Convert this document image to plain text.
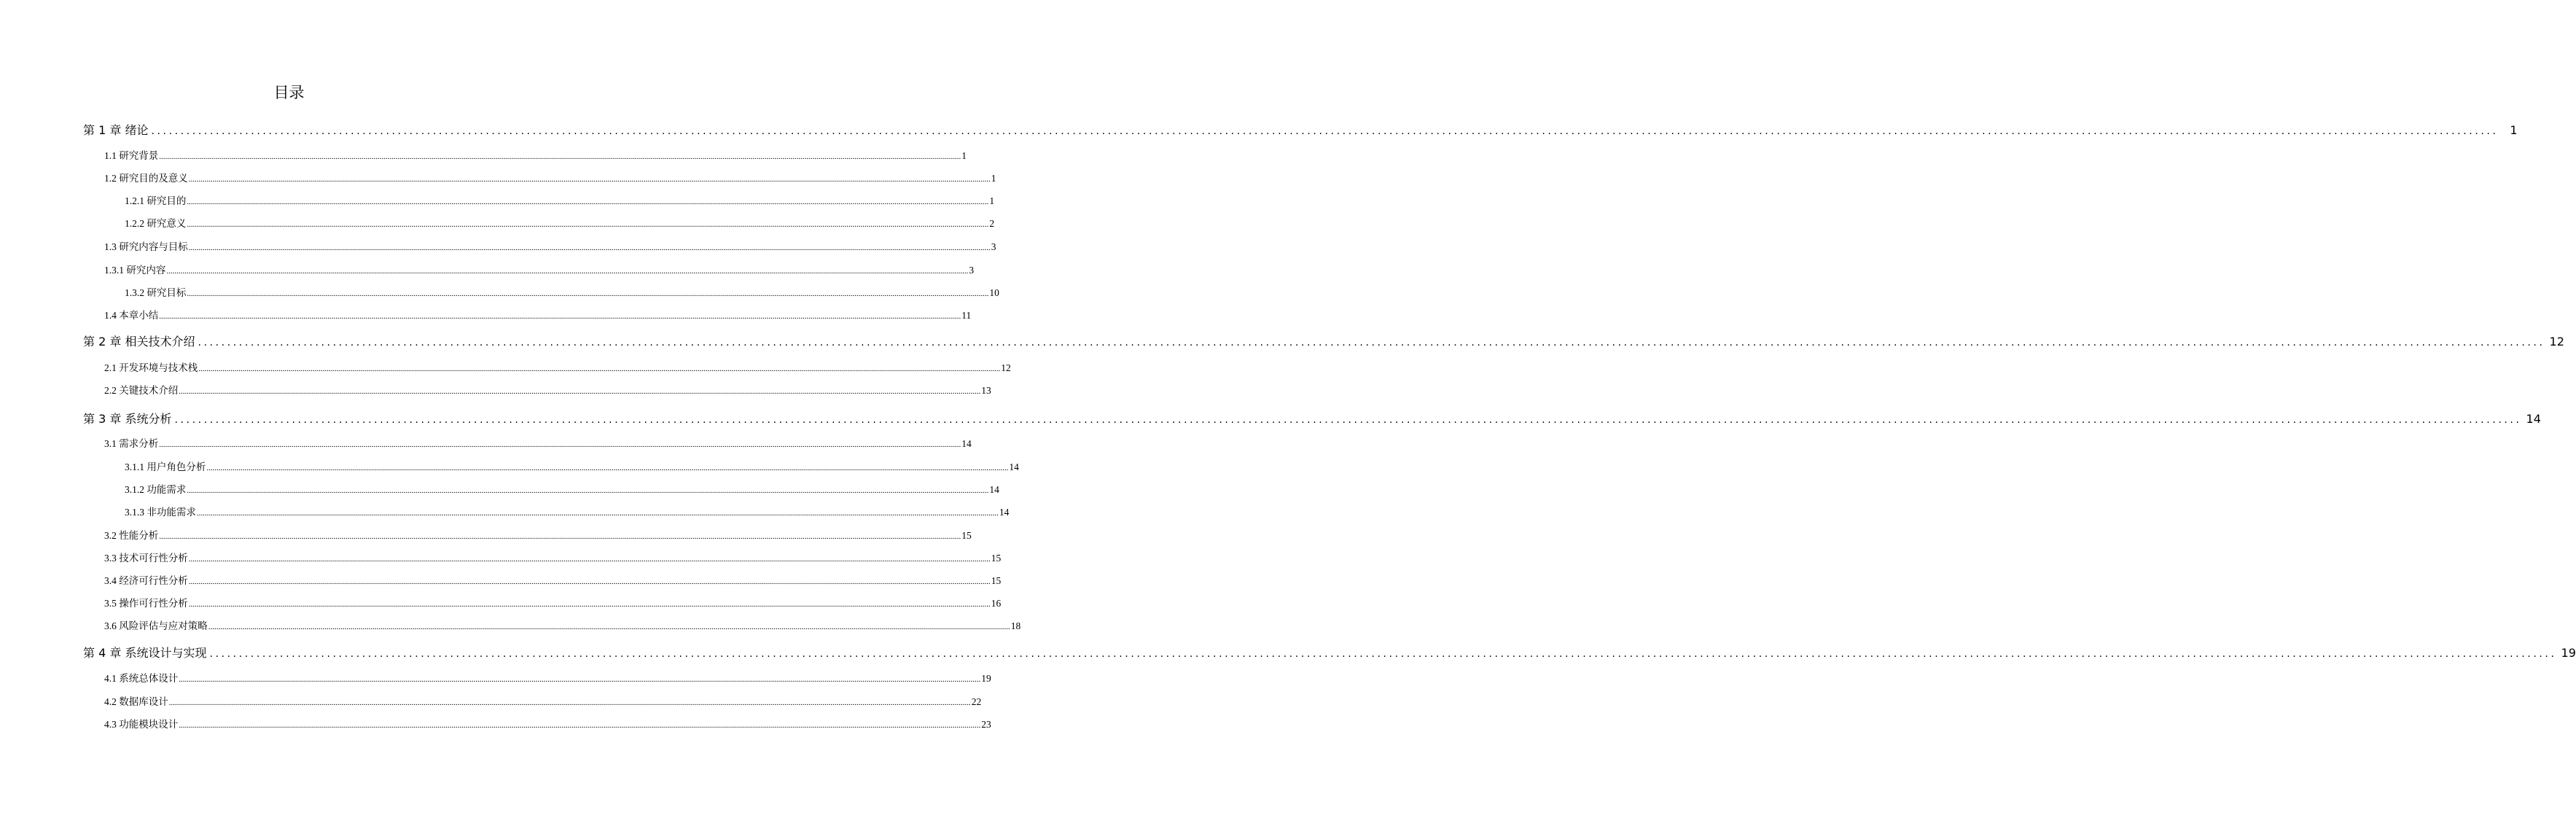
目录
第 1 章 绪论 ................................................................................................................................................................................................................................................................................................................................................................................................................ 1
1.1 研究背景 ................................................................................................................................................................................................................................................................................................................................................................................................................ 1
1.2 研究目的及意义 ................................................................................................................................................................................................................................................................................................................................................................................................................ 1
1.2.1 研究目的 ................................................................................................................................................................................................................................................................................................................................................................................................................ 1
1.2.2 研究意义 ................................................................................................................................................................................................................................................................................................................................................................................................................ 2
1.3 研究内容与目标 ................................................................................................................................................................................................................................................................................................................................................................................................................ 3
1.3.1 研究内容 ................................................................................................................................................................................................................................................................................................................................................................................................................ 3
1.3.2 研究目标 ................................................................................................................................................................................................................................................................................................................................................................................................................ 10
1.4 本章小结 ................................................................................................................................................................................................................................................................................................................................................................................................................ 11
第 2 章 相关技术介绍 ................................................................................................................................................................................................................................................................................................................................................................................................................ 12
2.1 开发环境与技术栈 ................................................................................................................................................................................................................................................................................................................................................................................................................ 12
2.2 关键技术介绍 ................................................................................................................................................................................................................................................................................................................................................................................................................ 13
第 3 章 系统分析 ................................................................................................................................................................................................................................................................................................................................................................................................................ 14
3.1 需求分析 ................................................................................................................................................................................................................................................................................................................................................................................................................ 14
3.1.1 用户角色分析 ................................................................................................................................................................................................................................................................................................................................................................................................................ 14
3.1.2 功能需求 ................................................................................................................................................................................................................................................................................................................................................................................................................ 14
3.1.3 非功能需求 ................................................................................................................................................................................................................................................................................................................................................................................................................ 14
3.2 性能分析 ................................................................................................................................................................................................................................................................................................................................................................................................................ 15
3.3 技术可行性分析 ................................................................................................................................................................................................................................................................................................................................................................................................................ 15
3.4 经济可行性分析 ................................................................................................................................................................................................................................................................................................................................................................................................................ 15
3.5 操作可行性分析 ................................................................................................................................................................................................................................................................................................................................................................................................................ 16
3.6 风险评估与应对策略 ................................................................................................................................................................................................................................................................................................................................................................................................................ 18
第 4 章 系统设计与实现 ................................................................................................................................................................................................................................................................................................................................................................................................................ 19
4.1 系统总体设计 ................................................................................................................................................................................................................................................................................................................................................................................................................ 19
4.2 数据库设计 ................................................................................................................................................................................................................................................................................................................................................................................................................ 22
4.3 功能模块设计 ................................................................................................................................................................................................................................................................................................................................................................................................................ 23
